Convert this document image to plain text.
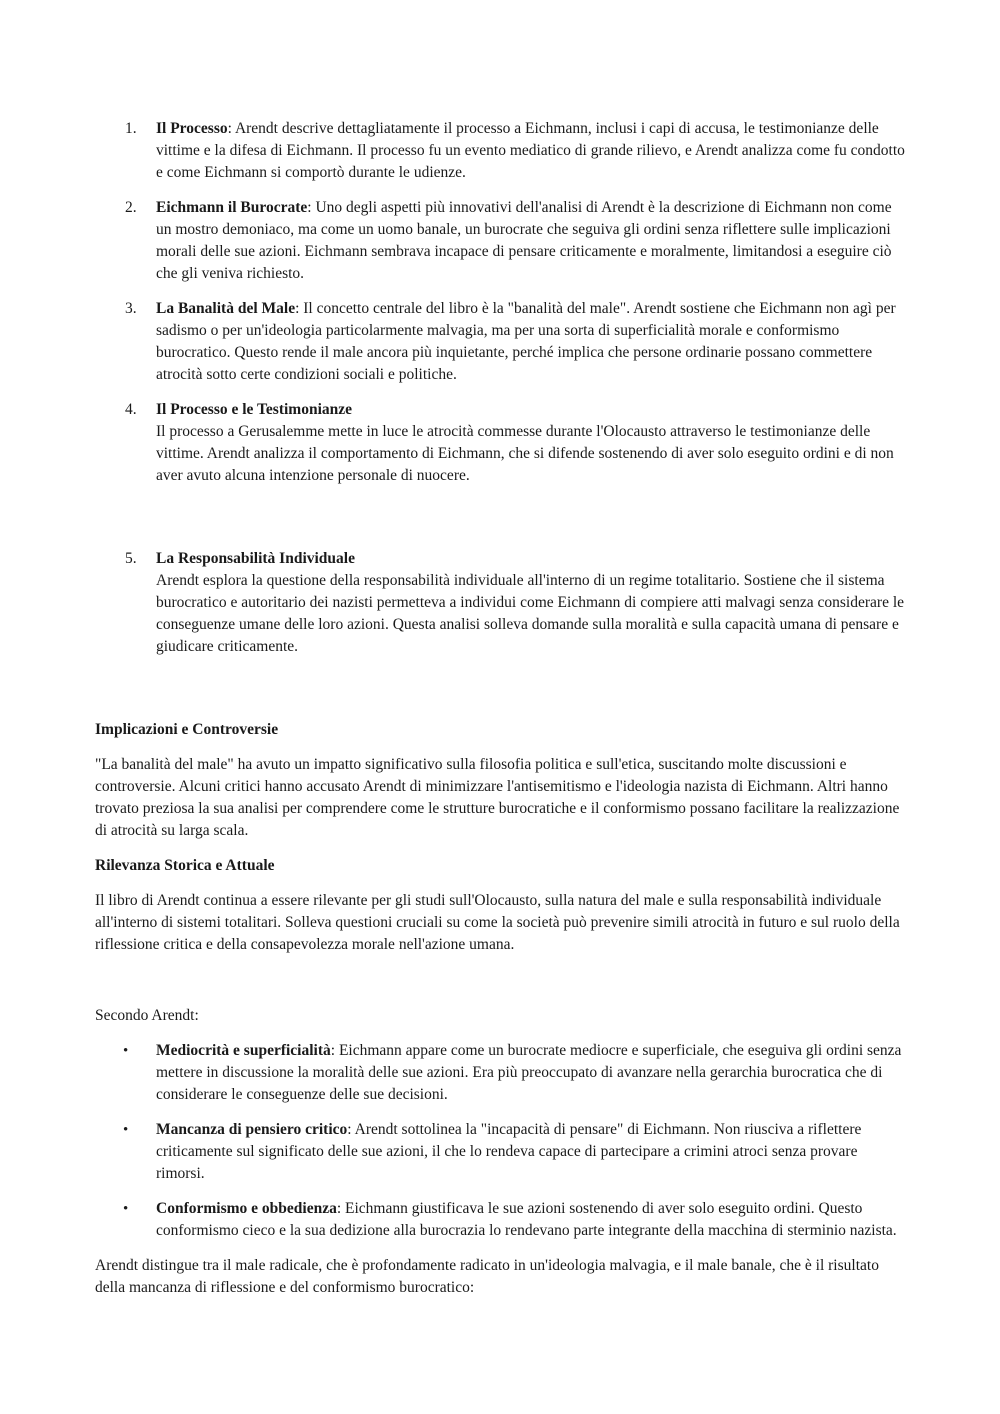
1. Il Processo: Arendt descrive dettagliatamente il processo a Eichmann, inclusi i capi di accusa, le testimonianze delle vittime e la difesa di Eichmann. Il processo fu un evento mediatico di grande rilievo, e Arendt analizza come fu condotto e come Eichmann si comportò durante le udienze.

2. Eichmann il Burocrate: Uno degli aspetti più innovativi dell'analisi di Arendt è la descrizione di Eichmann non come un mostro demoniaco, ma come un uomo banale, un burocrate che seguiva gli ordini senza riflettere sulle implicazioni morali delle sue azioni. Eichmann sembrava incapace di pensare criticamente e moralmente, limitandosi a eseguire ciò che gli veniva richiesto.

3. La Banalità del Male: Il concetto centrale del libro è la "banalità del male". Arendt sostiene che Eichmann non agì per sadismo o per un'ideologia particolarmente malvagia, ma per una sorta di superficialità morale e conformismo burocratico. Questo rende il male ancora più inquietante, perché implica che persone ordinarie possano commettere atrocità sotto certe condizioni sociali e politiche.

4. Il Processo e le Testimonianze

Il processo a Gerusalemme mette in luce le atrocità commesse durante l'Olocausto attraverso le testimonianze delle vittime. Arendt analizza il comportamento di Eichmann, che si difende sostenendo di aver solo eseguito ordini e di non aver avuto alcuna intenzione personale di nuocere.

5. La Responsabilità Individuale

Arendt esplora la questione della responsabilità individuale all'interno di un regime totalitario. Sostiene che il sistema burocratico e autoritario dei nazisti permetteva a individui come Eichmann di compiere atti malvagi senza considerare le conseguenze umane delle loro azioni. Questa analisi solleva domande sulla moralità e sulla capacità umana di pensare e giudicare criticamente.

Implicazioni e Controversie

"La banalità del male" ha avuto un impatto significativo sulla filosofia politica e sull'etica, suscitando molte discussioni e controversie. Alcuni critici hanno accusato Arendt di minimizzare l'antisemitismo e l'ideologia nazista di Eichmann. Altri hanno trovato preziosa la sua analisi per comprendere come le strutture burocratiche e il conformismo possano facilitare la realizzazione di atrocità su larga scala.

Rilevanza Storica e Attuale

Il libro di Arendt continua a essere rilevante per gli studi sull'Olocausto, sulla natura del male e sulla responsabilità individuale all'interno di sistemi totalitari. Solleva questioni cruciali su come la società può prevenire simili atrocità in futuro e sul ruolo della riflessione critica e della consapevolezza morale nell'azione umana.

Secondo Arendt:

• Mediocrità e superficialità: Eichmann appare come un burocrate mediocre e superficiale, che eseguiva gli ordini senza mettere in discussione la moralità delle sue azioni. Era più preoccupato di avanzare nella gerarchia burocratica che di considerare le conseguenze delle sue decisioni.

• Mancanza di pensiero critico: Arendt sottolinea la "incapacità di pensare" di Eichmann. Non riusciva a riflettere criticamente sul significato delle sue azioni, il che lo rendeva capace di partecipare a crimini atroci senza provare rimorsi.

• Conformismo e obbedienza: Eichmann giustificava le sue azioni sostenendo di aver solo eseguito ordini. Questo conformismo cieco e la sua dedizione alla burocrazia lo rendevano parte integrante della macchina di sterminio nazista.

Arendt distingue tra il male radicale, che è profondamente radicato in un'ideologia malvagia, e il male banale, che è il risultato della mancanza di riflessione e del conformismo burocratico:
